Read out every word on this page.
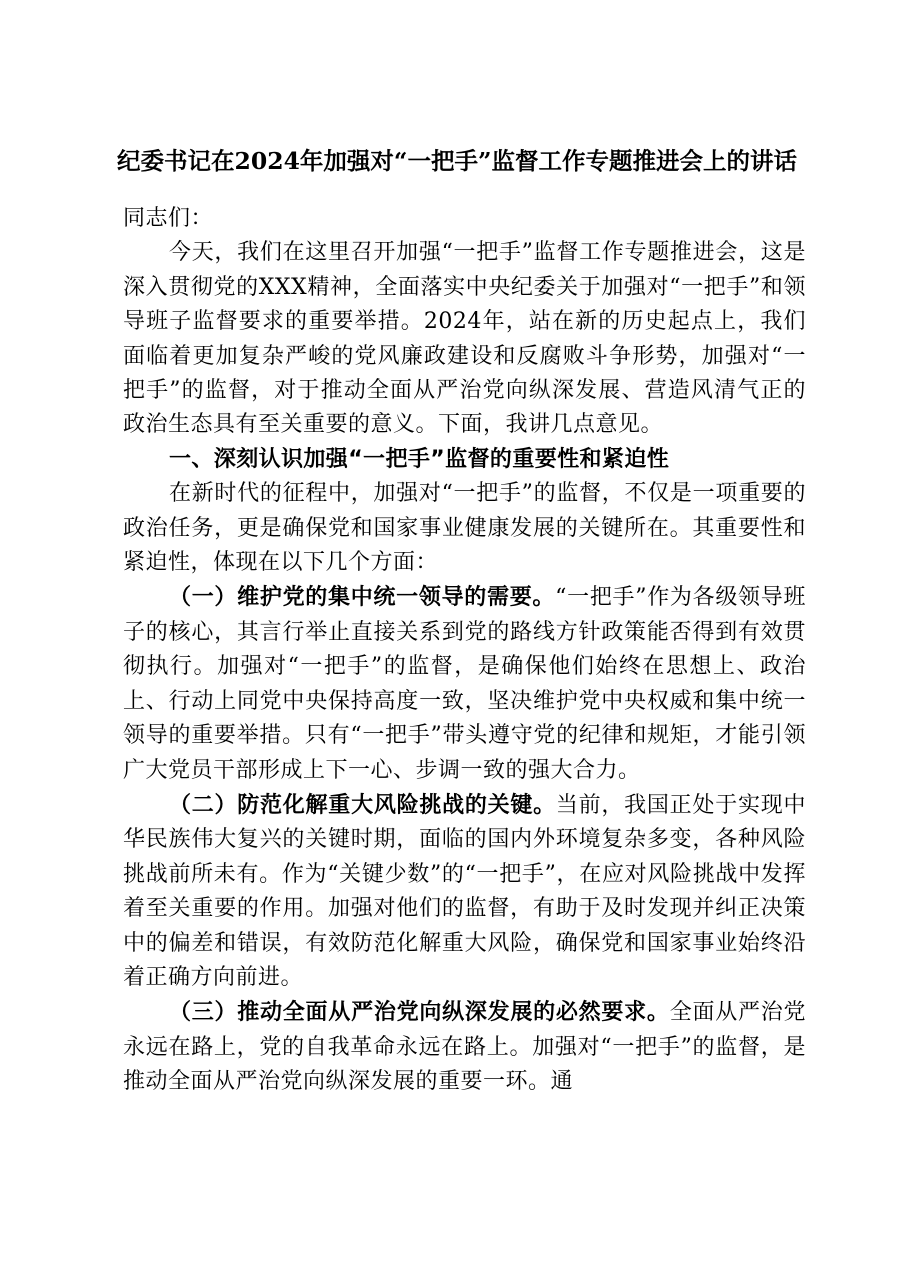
纪委书记在2024年加强对“一把手”监督工作专题推进会上的讲话

同志们：

今天，我们在这里召开加强“一把手”监督工作专题推进会，这是深入贯彻党的XXX精神，全面落实中央纪委关于加强对“一把手”和领导班子监督要求的重要举措。2024年，站在新的历史起点上，我们面临着更加复杂严峻的党风廉政建设和反腐败斗争形势，加强对“一把手”的监督，对于推动全面从严治党向纵深发展、营造风清气正的政治生态具有至关重要的意义。下面，我讲几点意见。

一、深刻认识加强“一把手”监督的重要性和紧迫性

在新时代的征程中，加强对“一把手”的监督，不仅是一项重要的政治任务，更是确保党和国家事业健康发展的关键所在。其重要性和紧迫性，体现在以下几个方面：

（一）维护党的集中统一领导的需要。“一把手”作为各级领导班子的核心，其言行举止直接关系到党的路线方针政策能否得到有效贯彻执行。加强对“一把手”的监督，是确保他们始终在思想上、政治上、行动上同党中央保持高度一致，坚决维护党中央权威和集中统一领导的重要举措。只有“一把手”带头遵守党的纪律和规矩，才能引领广大党员干部形成上下一心、步调一致的强大合力。

（二）防范化解重大风险挑战的关键。当前，我国正处于实现中华民族伟大复兴的关键时期，面临的国内外环境复杂多变，各种风险挑战前所未有。作为“关键少数”的“一把手”，在应对风险挑战中发挥着至关重要的作用。加强对他们的监督，有助于及时发现并纠正决策中的偏差和错误，有效防范化解重大风险，确保党和国家事业始终沿着正确方向前进。

（三）推动全面从严治党向纵深发展的必然要求。全面从严治党永远在路上，党的自我革命永远在路上。加强对“一把手”的监督，是推动全面从严治党向纵深发展的重要一环。通
